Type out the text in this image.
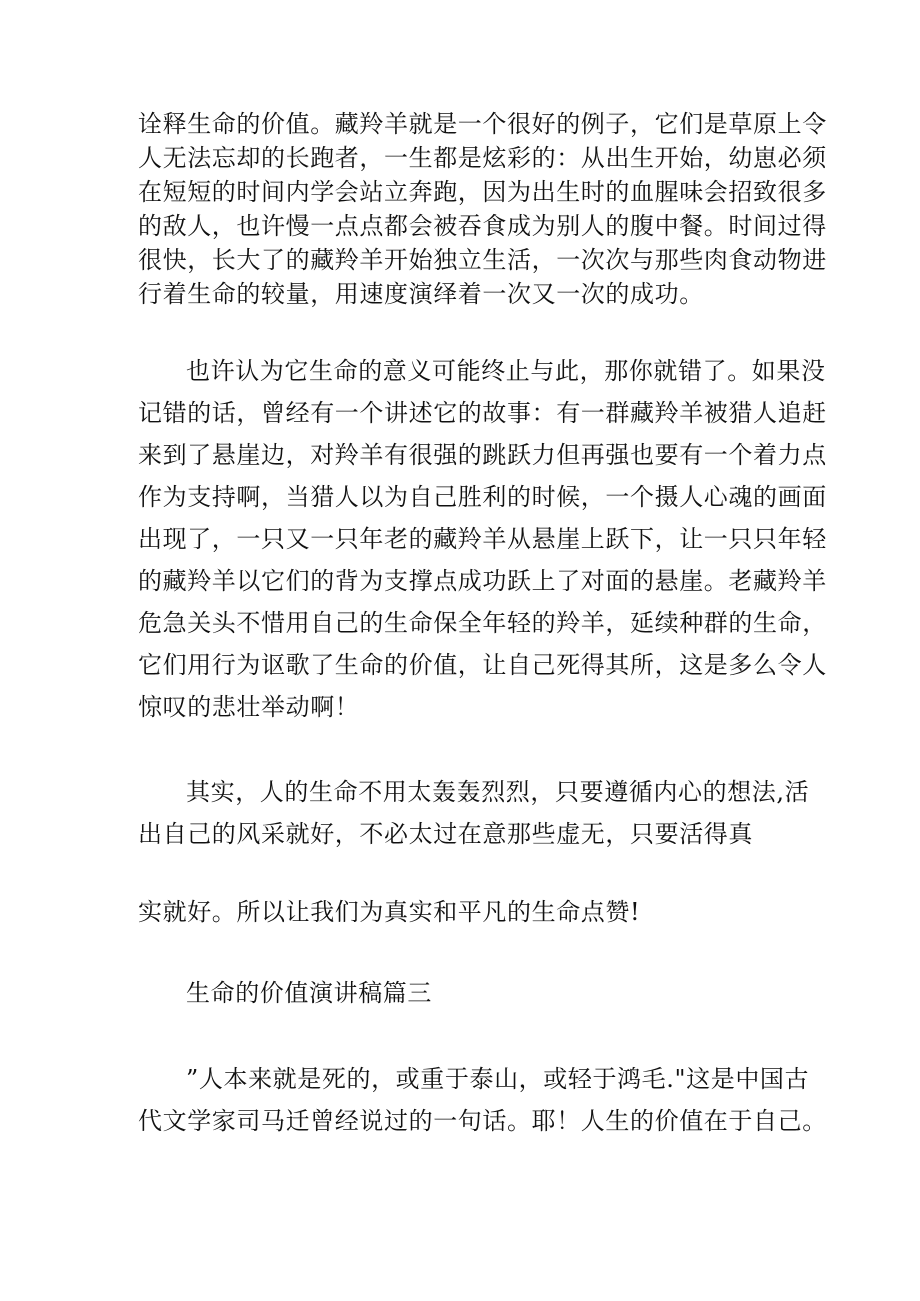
诠释生命的价值。藏羚羊就是一个很好的例子，它们是草原上令
人无法忘却的长跑者，一生都是炫彩的：从出生开始，幼崽必须
在短短的时间内学会站立奔跑，因为出生时的血腥味会招致很多
的敌人，也许慢一点点都会被吞食成为别人的腹中餐。时间过得
很快，长大了的藏羚羊开始独立生活，一次次与那些肉食动物进
行着生命的较量，用速度演绎着一次又一次的成功。
也许认为它生命的意义可能终止与此，那你就错了。如果没
记错的话，曾经有一个讲述它的故事：有一群藏羚羊被猎人追赶
来到了悬崖边，对羚羊有很强的跳跃力但再强也要有一个着力点
作为支持啊，当猎人以为自己胜利的时候，一个摄人心魂的画面
出现了，一只又一只年老的藏羚羊从悬崖上跃下，让一只只年轻
的藏羚羊以它们的背为支撑点成功跃上了对面的悬崖。老藏羚羊
危急关头不惜用自己的生命保全年轻的羚羊，延续种群的生命，
它们用行为讴歌了生命的价值，让自己死得其所，这是多么令人
惊叹的悲壮举动啊！
其实，人的生命不用太轰轰烈烈，只要遵循内心的想法,活
出自己的风采就好，不必太过在意那些虚无，只要活得真
实就好。所以让我们为真实和平凡的生命点赞!
生命的价值演讲稿篇三
”人本来就是死的，或重于泰山，或轻于鸿毛."这是中国古
代文学家司马迁曾经说过的一句话。耶！人生的价值在于自己。
